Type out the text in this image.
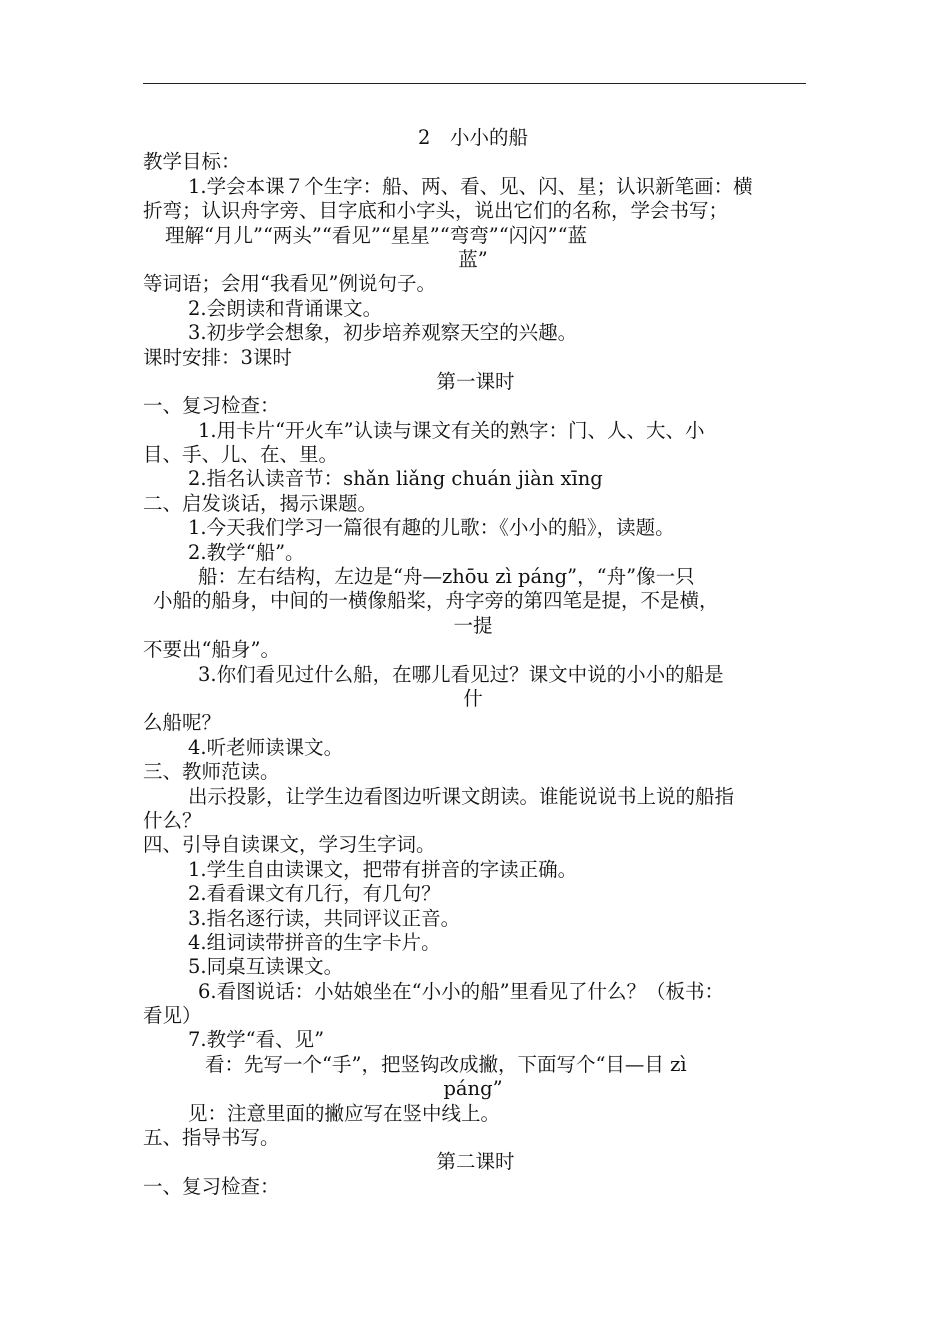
2　小小的船
教学目标：
1.学会本课７个生字：船、两、看、见、闪、星；认识新笔画：横
折弯；认识舟字旁、目字底和小字头，说出它们的名称，学会书写；
理解“月儿”“两头”“看见”“星星”“弯弯”“闪闪”“蓝
蓝”
等词语；会用“我看见”例说句子。
2.会朗读和背诵课文。
3.初步学会想象，初步培养观察天空的兴趣。
课时安排：3课时
第一课时
一、复习检查：
1.用卡片“开火车”认读与课文有关的熟字：门、人、大、小
目、手、儿、在、里。
2.指名认读音节：shǎn liǎng chuán jiàn xīng
二、启发谈话，揭示课题。
1.今天我们学习一篇很有趣的儿歌：《小小的船》，读题。
2.教学“船”。
船：左右结构，左边是“舟—zhōu zì páng”，“舟”像一只
小船的船身，中间的一横像船桨，舟字旁的第四笔是提，不是横，
一提
不要出“船身”。
3.你们看见过什么船，在哪儿看见过？课文中说的小小的船是
什
么船呢？
4.听老师读课文。
三、教师范读。
出示投影，让学生边看图边听课文朗读。谁能说说书上说的船指
什么？
四、引导自读课文，学习生字词。
1.学生自由读课文，把带有拼音的字读正确。
2.看看课文有几行，有几句？
3.指名逐行读，共同评议正音。
4.组词读带拼音的生字卡片。
5.同桌互读课文。
6.看图说话：小姑娘坐在“小小的船”里看见了什么？（板书：
看见）
7.教学“看、见”
看：先写一个“手”，把竖钩改成撇，下面写个“目—目 zì
páng”
见：注意里面的撇应写在竖中线上。
五、指导书写。
第二课时
一、复习检查：
